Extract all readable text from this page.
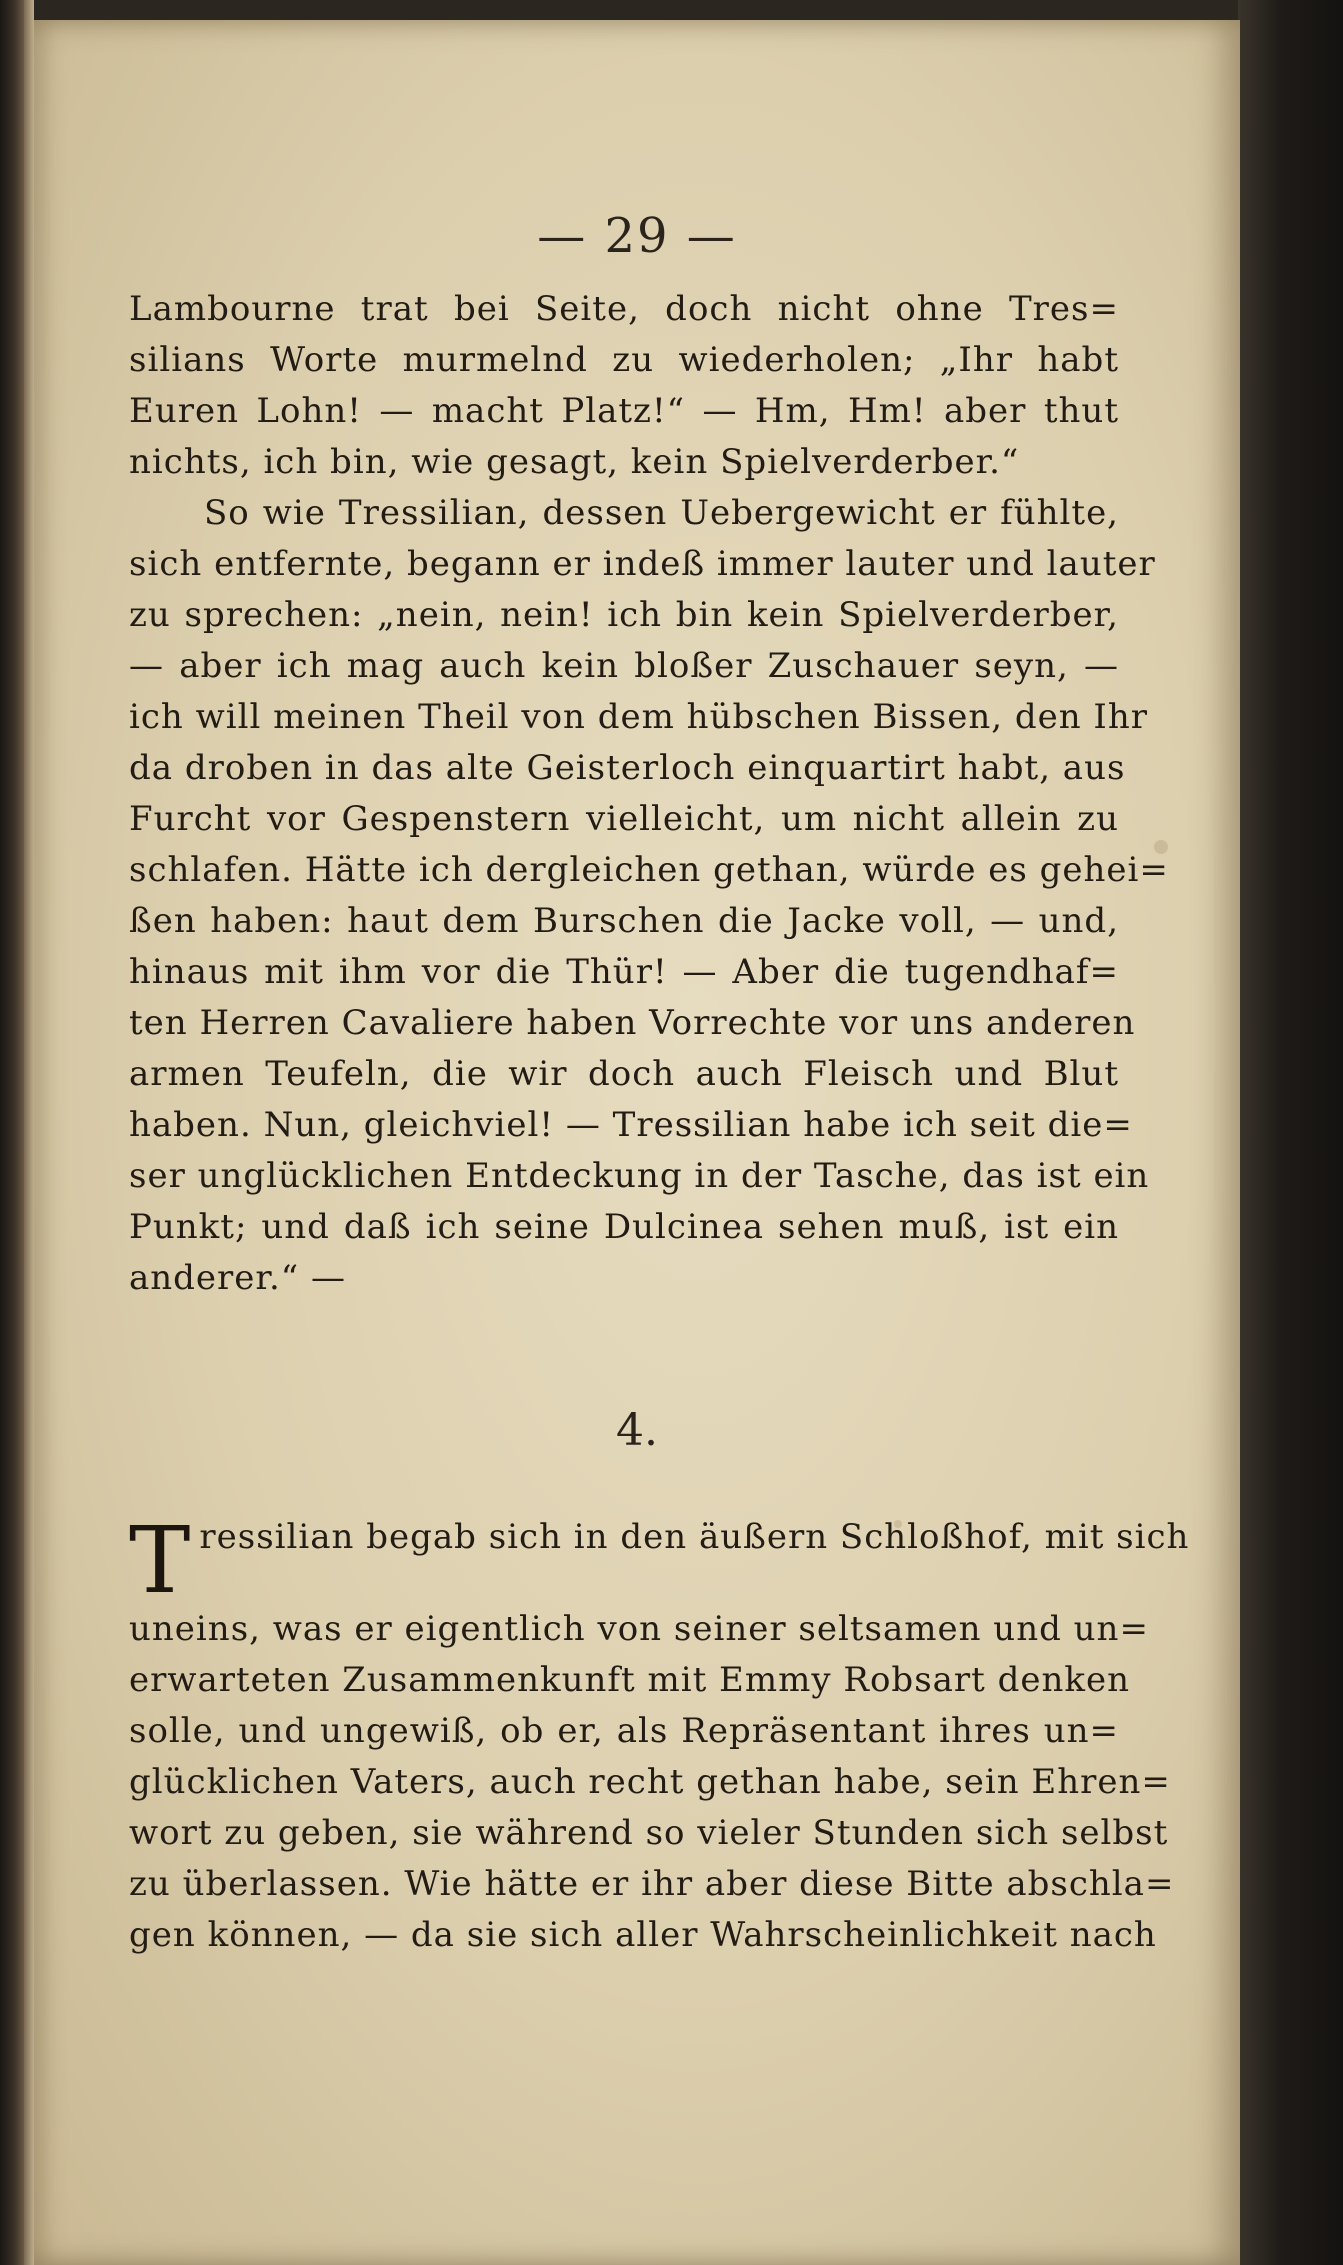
— 29 —
Lambourne trat bei Seite, doch nicht ohne Tres=
silians Worte murmelnd zu wiederholen; „Ihr habt
Euren Lohn! — macht Platz!“ — Hm, Hm! aber thut
nichts, ich bin, wie gesagt, kein Spielverderber.“
So wie Tressilian, dessen Uebergewicht er fühlte,
sich entfernte, begann er indeß immer lauter und lauter
zu sprechen: „nein, nein! ich bin kein Spielverderber,
— aber ich mag auch kein bloßer Zuschauer seyn, —
ich will meinen Theil von dem hübschen Bissen, den Ihr
da droben in das alte Geisterloch einquartirt habt, aus
Furcht vor Gespenstern vielleicht, um nicht allein zu
schlafen. Hätte ich dergleichen gethan, würde es gehei=
ßen haben: haut dem Burschen die Jacke voll, — und,
hinaus mit ihm vor die Thür! — Aber die tugendhaf=
ten Herren Cavaliere haben Vorrechte vor uns anderen
armen Teufeln, die wir doch auch Fleisch und Blut
haben. Nun, gleichviel! — Tressilian habe ich seit die=
ser unglücklichen Entdeckung in der Tasche, das ist ein
Punkt; und daß ich seine Dulcinea sehen muß, ist ein
anderer.“ —
4.
T ressilian begab sich in den äußern Schloßhof, mit sich
uneins, was er eigentlich von seiner seltsamen und un=
erwarteten Zusammenkunft mit Emmy Robsart denken
solle, und ungewiß, ob er, als Repräsentant ihres un=
glücklichen Vaters, auch recht gethan habe, sein Ehren=
wort zu geben, sie während so vieler Stunden sich selbst
zu überlassen. Wie hätte er ihr aber diese Bitte abschla=
gen können, — da sie sich aller Wahrscheinlichkeit nach
